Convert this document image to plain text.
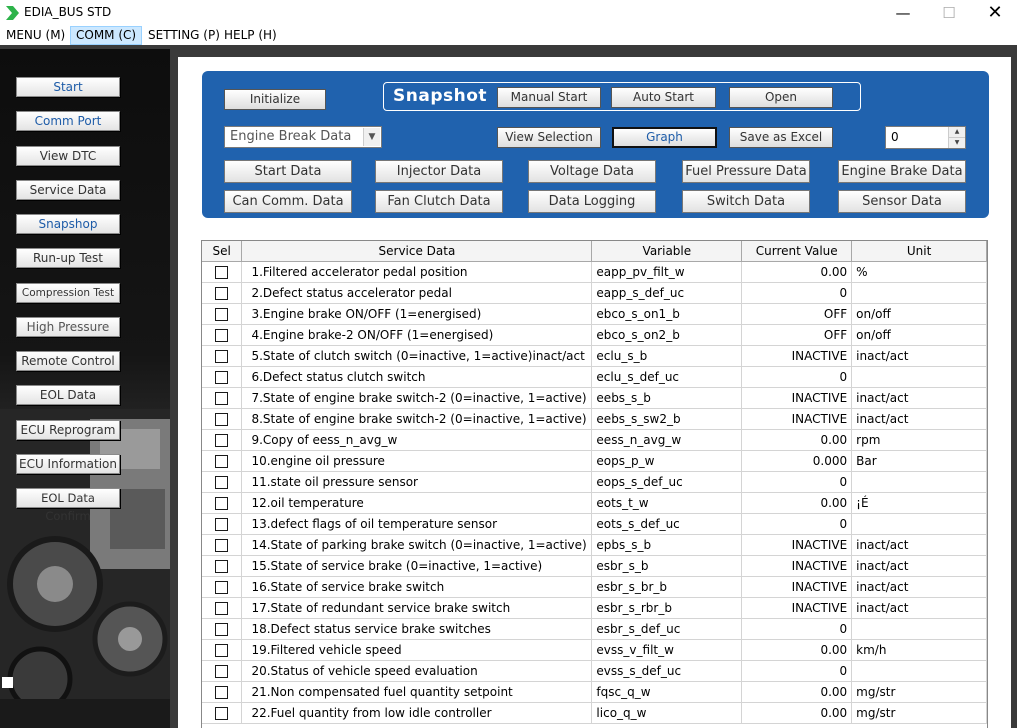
EDIA_BUS STD	—	☐	✕
MENU (M) COMM (C) SETTING (P) HELP (H)
Start
Comm Port
View DTC
Service Data
Snapshop
Run-up Test
Compression Test
High Pressure
Remote Control
EOL Data
ECU Reprogram
ECU Information
EOL Data Confirm
Initialize	Snapshot	Manual Start	Auto Start	Open
Engine Break Data	▼	View Selection	Graph	Save as Excel	0	▲
▼
Start Data	Injector Data	Voltage Data	Fuel Pressure Data	Engine Brake Data
Can Comm. Data	Fan Clutch Data	Data Logging	Switch Data	Sensor Data
Sel	Service Data	Variable	Current Value	Unit
	1.Filtered accelerator pedal position	eapp_pv_filt_w	0.00	%
	2.Defect status accelerator pedal	eapp_s_def_uc	0	
	3.Engine brake ON/OFF (1=energised)	ebco_s_on1_b	OFF	on/off
	4.Engine brake-2 ON/OFF (1=energised)	ebco_s_on2_b	OFF	on/off
	5.State of clutch switch (0=inactive, 1=active)inact/act	eclu_s_b	INACTIVE	inact/act
	6.Defect status clutch switch	eclu_s_def_uc	0	
	7.State of engine brake switch-2 (0=inactive, 1=active)	eebs_s_b	INACTIVE	inact/act
	8.State of engine brake switch-2 (0=inactive, 1=active)	eebs_s_sw2_b	INACTIVE	inact/act
	9.Copy of eess_n_avg_w	eess_n_avg_w	0.00	rpm
	10.engine oil pressure	eops_p_w	0.000	Bar
	11.state oil pressure sensor	eops_s_def_uc	0	
	12.oil temperature	eots_t_w	0.00	¡É
	13.defect flags of oil temperature sensor	eots_s_def_uc	0	
	14.State of parking brake switch (0=inactive, 1=active)	epbs_s_b	INACTIVE	inact/act
	15.State of service brake (0=inactive, 1=active)	esbr_s_b	INACTIVE	inact/act
	16.State of service brake switch	esbr_s_br_b	INACTIVE	inact/act
	17.State of redundant service brake switch	esbr_s_rbr_b	INACTIVE	inact/act
	18.Defect status service brake switches	esbr_s_def_uc	0	
	19.Filtered vehicle speed	evss_v_filt_w	0.00	km/h
	20.Status of vehicle speed evaluation	evss_s_def_uc	0	
	21.Non compensated fuel quantity setpoint	fqsc_q_w	0.00	mg/str
	22.Fuel quantity from low idle controller	lico_q_w	0.00	mg/str
